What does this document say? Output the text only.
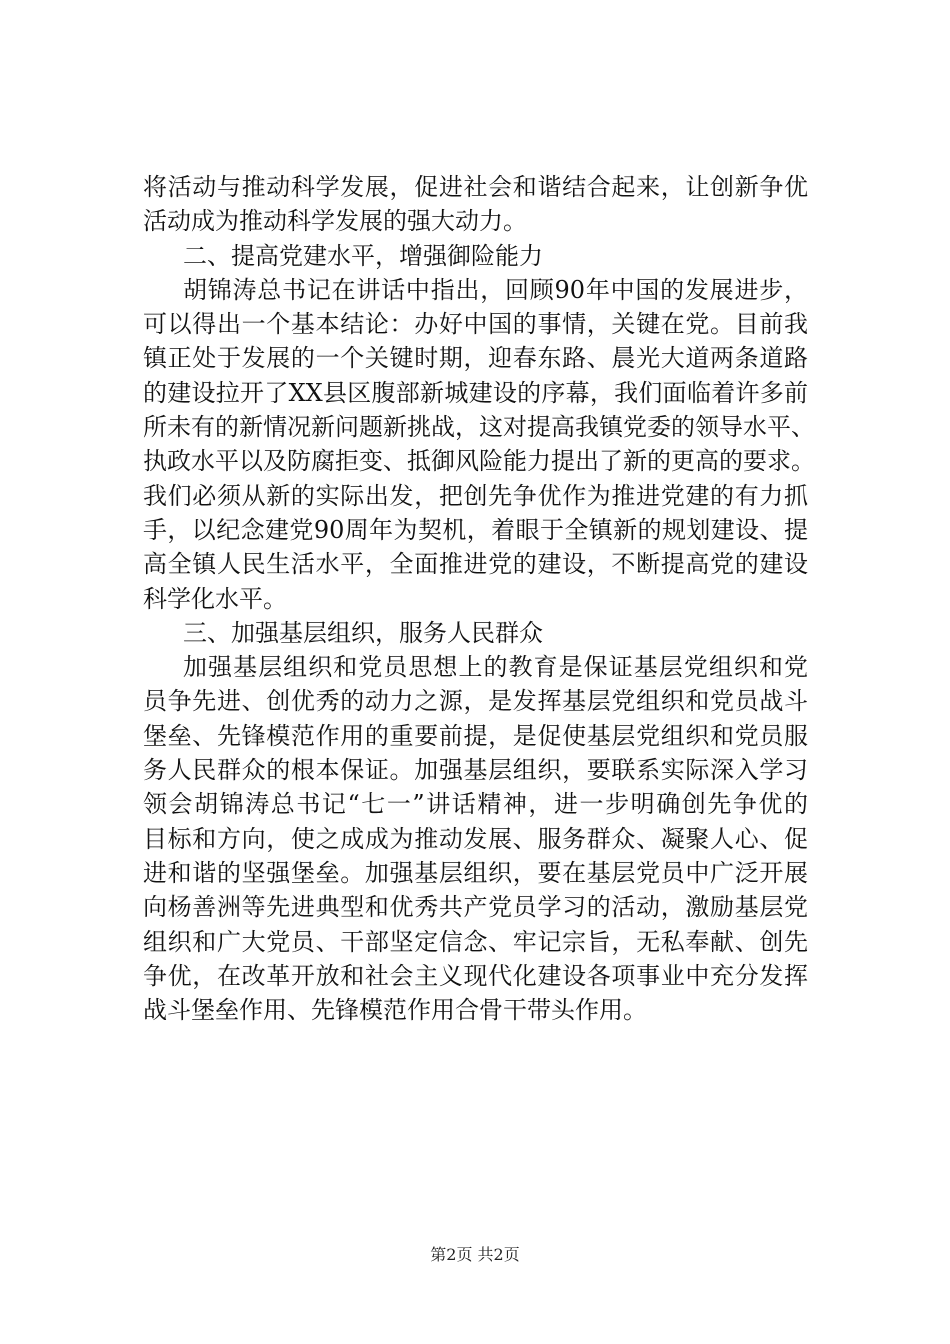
将活动与推动科学发展，促进社会和谐结合起来，让创新争优
活动成为推动科学发展的强大动力。
二、提高党建水平，增强御险能力
胡锦涛总书记在讲话中指出，回顾90年中国的发展进步，
可以得出一个基本结论：办好中国的事情，关键在党。目前我
镇正处于发展的一个关键时期，迎春东路、晨光大道两条道路
的建设拉开了XX县区腹部新城建设的序幕，我们面临着许多前
所未有的新情况新问题新挑战，这对提高我镇党委的领导水平、
执政水平以及防腐拒变、抵御风险能力提出了新的更高的要求。
我们必须从新的实际出发，把创先争优作为推进党建的有力抓
手，以纪念建党90周年为契机，着眼于全镇新的规划建设、提
高全镇人民生活水平，全面推进党的建设，不断提高党的建设
科学化水平。
三、加强基层组织，服务人民群众
加强基层组织和党员思想上的教育是保证基层党组织和党
员争先进、创优秀的动力之源，是发挥基层党组织和党员战斗
堡垒、先锋模范作用的重要前提，是促使基层党组织和党员服
务人民群众的根本保证。加强基层组织，要联系实际深入学习
领会胡锦涛总书记“七一”讲话精神，进一步明确创先争优的
目标和方向，使之成成为推动发展、服务群众、凝聚人心、促
进和谐的坚强堡垒。加强基层组织，要在基层党员中广泛开展
向杨善洲等先进典型和优秀共产党员学习的活动，激励基层党
组织和广大党员、干部坚定信念、牢记宗旨，无私奉献、创先
争优，在改革开放和社会主义现代化建设各项事业中充分发挥
战斗堡垒作用、先锋模范作用合骨干带头作用。
第2页 共2页
